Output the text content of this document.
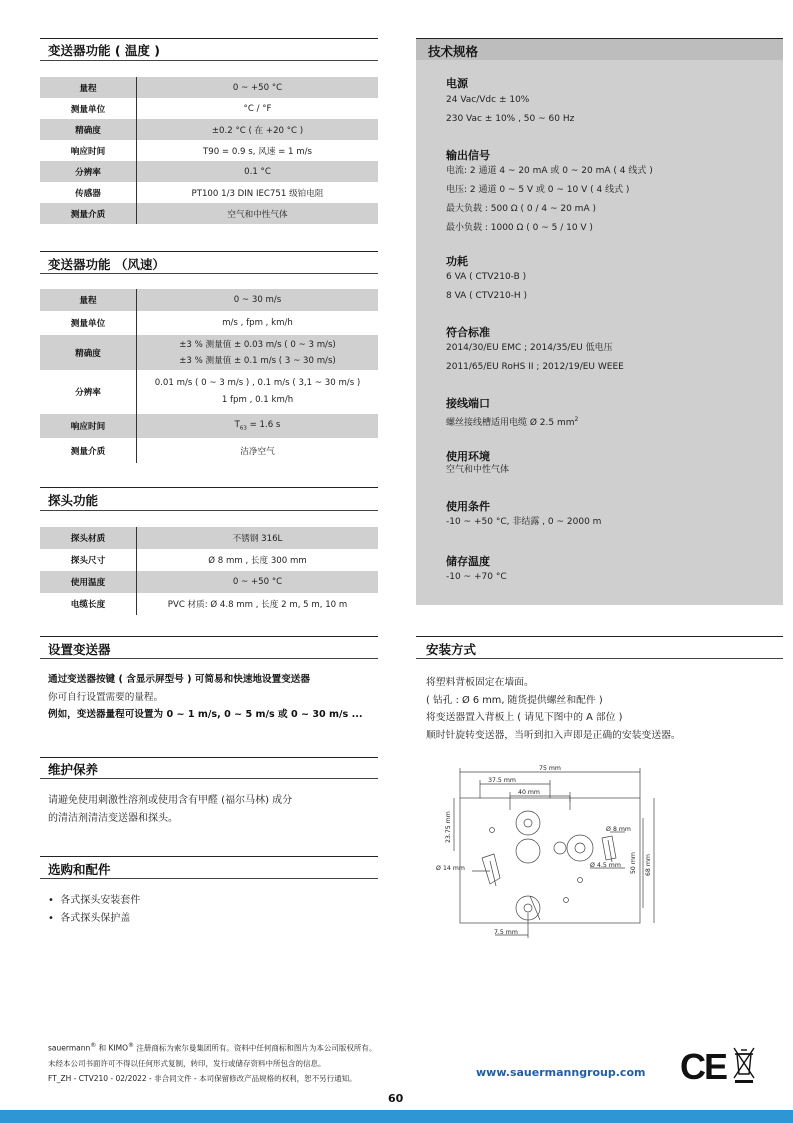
变送器功能 ( 温度 )
量程	0 ~ +50 °C
测量单位	°C / °F
精确度	±0.2 °C ( 在 +20 °C )
响应时间	T90 = 0.9 s, 风速 = 1 m/s
分辨率	0.1 °C
传感器	PT100 1/3 DIN IEC751 级铂电阻
测量介质	空气和中性气体
变送器功能 （风速）
量程	0 ~ 30 m/s
测量单位	m/s , fpm , km/h
精确度	±3 % 测量值 ± 0.03 m/s ( 0 ~ 3 m/s)
±3 % 测量值 ± 0.1 m/s ( 3 ~ 30 m/s)
分辨率	0.01 m/s ( 0 ~ 3 m/s ) , 0.1 m/s ( 3,1 ~ 30 m/s )
1 fpm , 0.1 km/h
响应时间	$T_{63} = 1.6$ s
测量介质	洁净空气
探头功能
探头材质	不锈钢 316L
探头尺寸	Ø 8 mm , 长度 300 mm
使用温度	0 ~ +50 °C
电缆长度	PVC 材质: Ø 4.8 mm , 长度 2 m, 5 m, 10 m
设置变送器
通过变送器按键 ( 含显示屏型号 ) 可简易和快速地设置变送器
你可自行设置需要的量程。
例如，变送器量程可设置为 0 ~ 1 m/s, 0 ~ 5 m/s 或 0 ~ 30 m/s ...
维护保养
请避免使用刺激性溶剂或使用含有甲醛 (福尔马林) 成分
的清洁剂清洁变送器和探头。
选购和配件
•  各式探头安装套件
•  各式探头保护盖
技术规格
电源
24 Vac/Vdc ± 10%
230 Vac ± 10% , 50 ~ 60 Hz
输出信号
电流: 2 通道 4 ~ 20 mA 或 0 ~ 20 mA ( 4 线式 )
电压: 2 通道 0 ~ 5 V 或 0 ~ 10 V ( 4 线式 )
最大负载 : 500 Ω ( 0 / 4 ~ 20 mA )
最小负载 : 1000 Ω ( 0 ~ 5 / 10 V )
功耗
6 VA ( CTV210-B )
8 VA ( CTV210-H )
符合标准
2014/30/EU EMC ; 2014/35/EU 低电压
2011/65/EU RoHS II ; 2012/19/EU WEEE
接线端口
螺丝接线槽适用电缆 Ø 2.5 $mm^2$
使用环境
空气和中性气体
使用条件
-10 ~ +50 °C, 非结露 , 0 ~ 2000 m
储存温度
-10 ~ +70 °C
安装方式
将塑料背板固定在墙面。
( 钻孔 : Ø 6 mm, 随货提供螺丝和配件 )
将变送器置入背板上 ( 请见下图中的 A 部位 )
顺时针旋转变送器，当听到扣入声即是正确的安装变送器。
75 mm
37.5 mm
40 mm
23.75 mm	Ø 8 mm
Ø 14 mm	Ø 4.5 mm 50 mm 68 mm
7.5 mm
sauermann® 和 KIMO® 注册商标为索尔曼集团所有。资料中任何商标和图片为本公司版权所有。
未经本公司书面许可不得以任何形式复制，转印，发行或储存资料中所包含的信息。
FT_ZH - CTV210 - 02/2022 - 非合同文件 - 本司保留修改产品规格的权利，恕不另行通知。	www.sauermanngroup.com CE
60
